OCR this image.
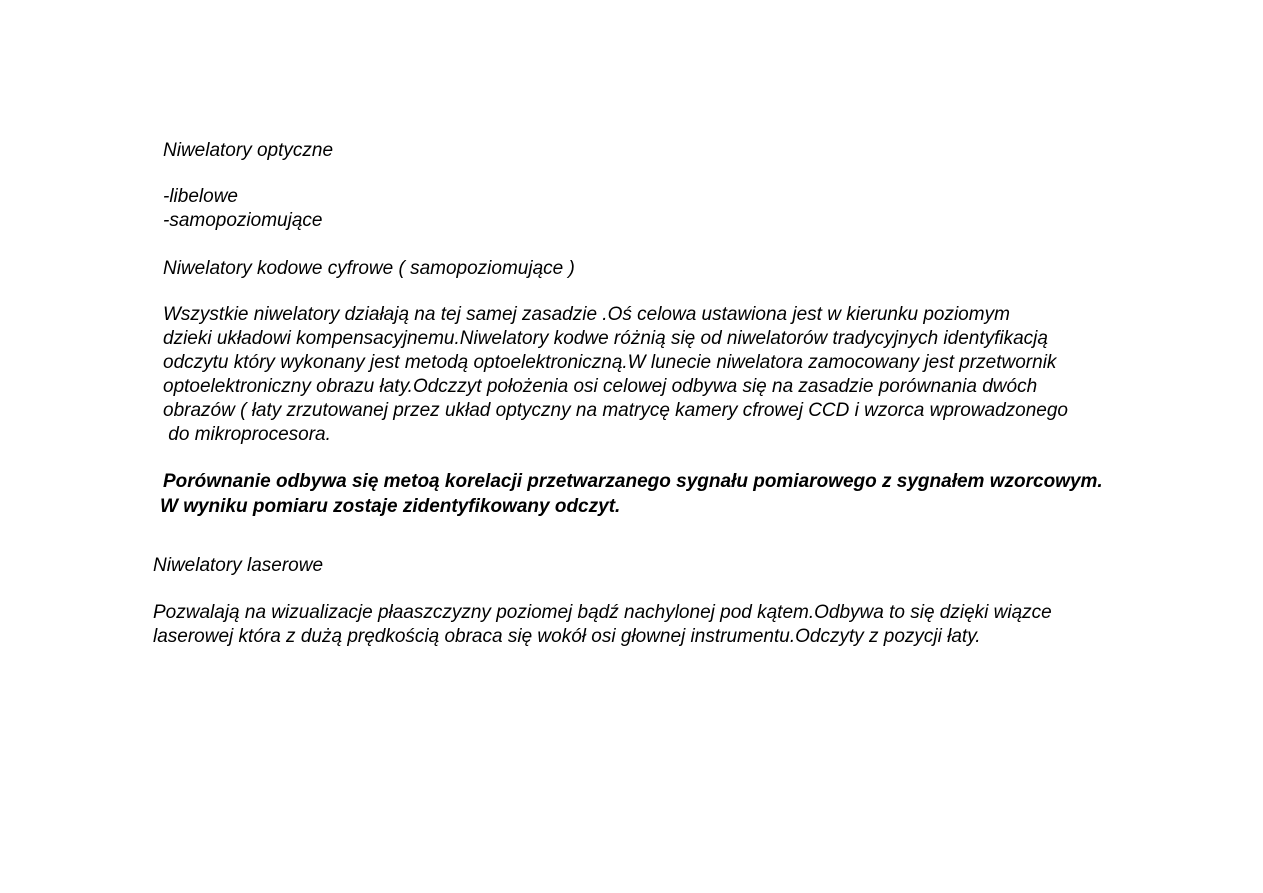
Niwelatory optyczne

-libelowe

-samopoziomujące

Niwelatory kodowe cyfrowe ( samopoziomujące )

Wszystkie niwelatory działają na tej samej zasadzie .Oś celowa ustawiona jest w kierunku poziomym

dzieki układowi kompensacyjnemu.Niwelatory kodwe różnią się od niwelatorów tradycyjnych identyfikacją

odczytu który wykonany jest metodą optoelektroniczną.W lunecie niwelatora zamocowany jest przetwornik

optoelektroniczny obrazu łaty.Odczzyt położenia osi celowej odbywa się na zasadzie porównania dwóch

obrazów ( łaty zrzutowanej przez układ optyczny na matrycę kamery cfrowej CCD i wzorca wprowadzonego

do mikroprocesora.

Porównanie odbywa się metoą korelacji przetwarzanego sygnału pomiarowego z sygnałem wzorcowym.

W wyniku pomiaru zostaje zidentyfikowany odczyt.

Niwelatory laserowe

Pozwalają na wizualizacje płaaszczyzny poziomej bądź nachylonej pod kątem.Odbywa to się dzięki wiązce

laserowej która z dużą prędkością obraca się wokół osi głownej instrumentu.Odczyty z pozycji łaty.
